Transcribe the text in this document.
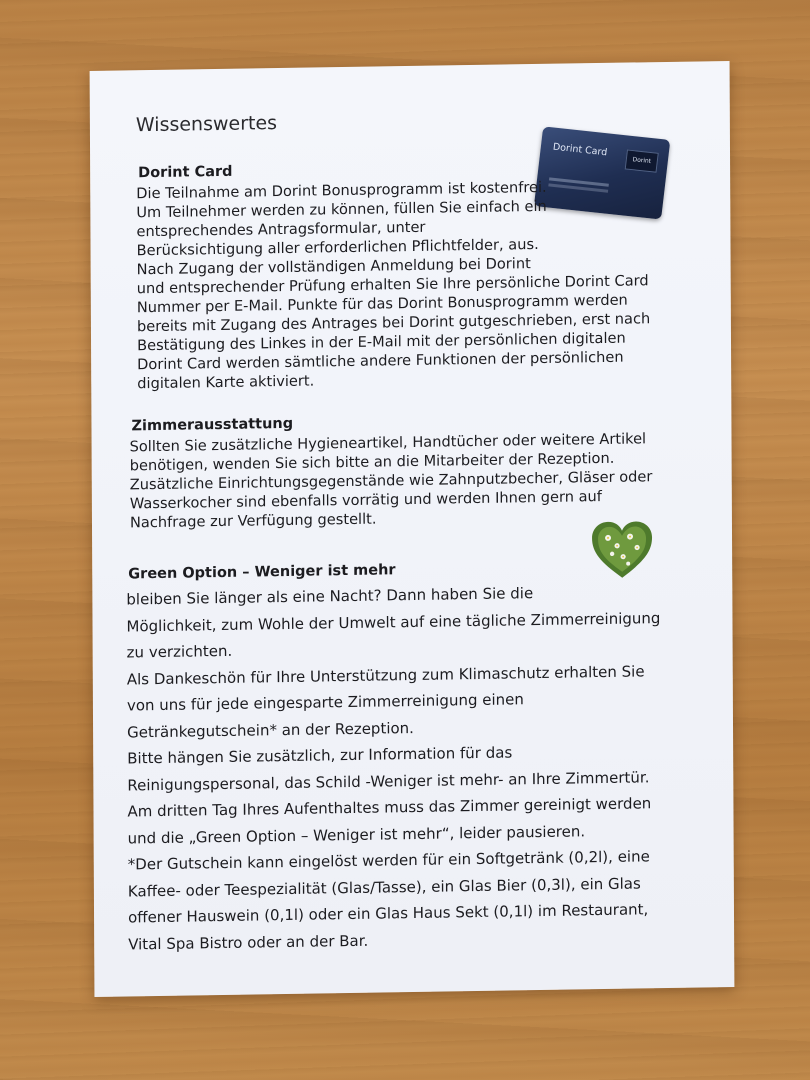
Wissenswertes
Dorint Card
Dorint
Dorint Card
Die Teilnahme am Dorint Bonusprogramm ist kostenfrei.
Um Teilnehmer werden zu können, füllen Sie einfach ein
entsprechendes Antragsformular, unter
Berücksichtigung aller erforderlichen Pflichtfelder, aus.
Nach Zugang der vollständigen Anmeldung bei Dorint
und entsprechender Prüfung erhalten Sie Ihre persönliche Dorint Card
Nummer per E-Mail. Punkte für das Dorint Bonusprogramm werden
bereits mit Zugang des Antrages bei Dorint gutgeschrieben, erst nach
Bestätigung des Linkes in der E-Mail mit der persönlichen digitalen
Dorint Card werden sämtliche andere Funktionen der persönlichen
digitalen Karte aktiviert.
Zimmerausstattung
Sollten Sie zusätzliche Hygieneartikel, Handtücher oder weitere Artikel
benötigen, wenden Sie sich bitte an die Mitarbeiter der Rezeption.
Zusätzliche Einrichtungsgegenstände wie Zahnputzbecher, Gläser oder
Wasserkocher sind ebenfalls vorrätig und werden Ihnen gern auf
Nachfrage zur Verfügung gestellt.
Green Option – Weniger ist mehr
bleiben Sie länger als eine Nacht? Dann haben Sie die
Möglichkeit, zum Wohle der Umwelt auf eine tägliche Zimmerreinigung
zu verzichten.
Als Dankeschön für Ihre Unterstützung zum Klimaschutz erhalten Sie
von uns für jede eingesparte Zimmerreinigung einen
Getränkegutschein* an der Rezeption.
Bitte hängen Sie zusätzlich, zur Information für das
Reinigungspersonal, das Schild -Weniger ist mehr- an Ihre Zimmertür.
Am dritten Tag Ihres Aufenthaltes muss das Zimmer gereinigt werden
und die „Green Option – Weniger ist mehr“, leider pausieren.
*Der Gutschein kann eingelöst werden für ein Softgetränk (0,2l), eine
Kaffee- oder Teespezialität (Glas/Tasse), ein Glas Bier (0,3l), ein Glas
offener Hauswein (0,1l) oder ein Glas Haus Sekt (0,1l) im Restaurant,
Vital Spa Bistro oder an der Bar.
